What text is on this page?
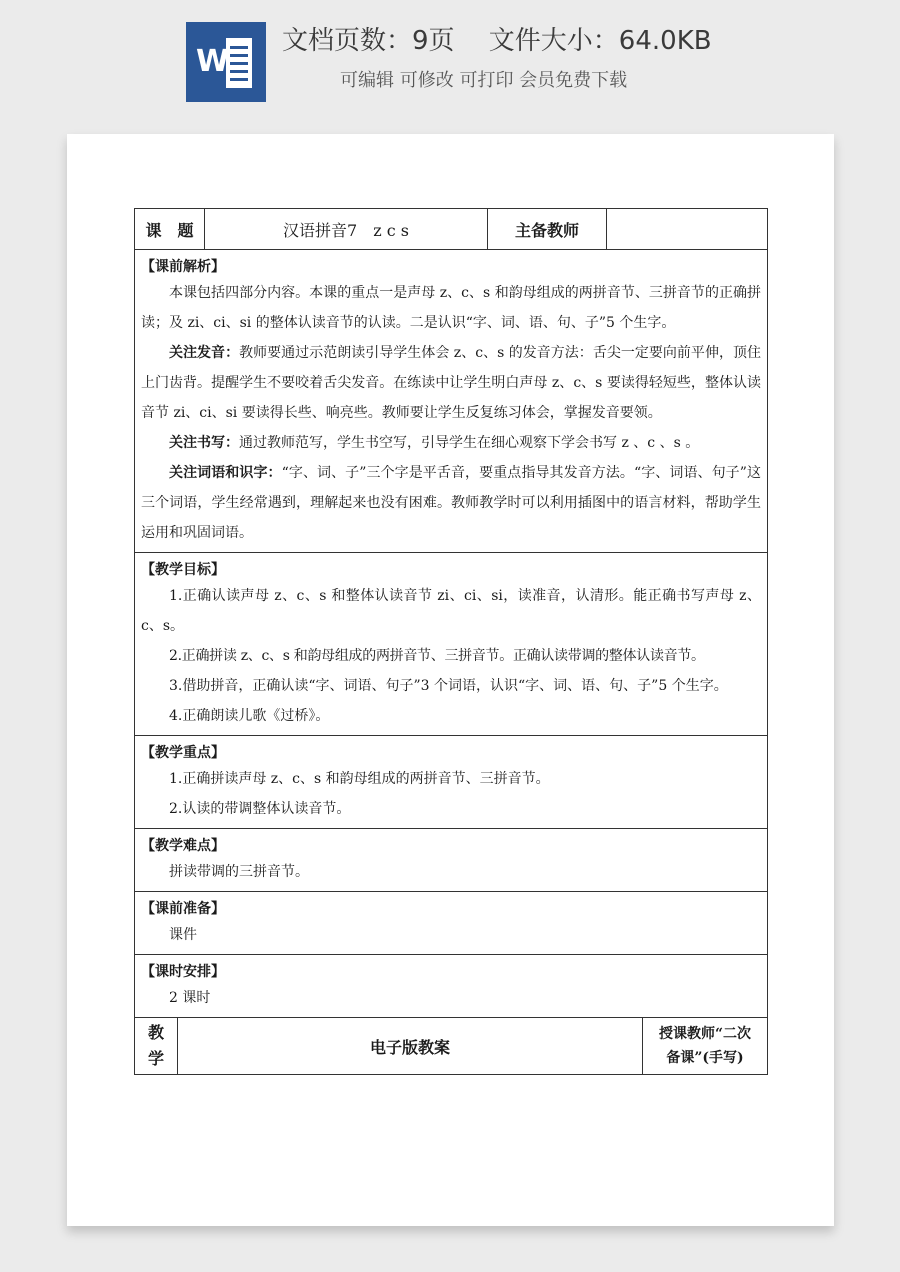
W
文档页数：9页　 文件大小：64.0KB
可编辑 可修改 可打印 会员免费下载
课　题	汉语拼音7　z c s	主备教师
【课前解析】

本课包括四部分内容。本课的重点一是声母 z、c、s 和韵母组成的两拼音节、三拼音节的正确拼读；及 zi、ci、si 的整体认读音节的认读。二是认识“字、词、语、句、子”5 个生字。

关注发音：教师要通过示范朗读引导学生体会 z、c、s 的发音方法：舌尖一定要向前平伸，顶住上门齿背。提醒学生不要咬着舌尖发音。在练读中让学生明白声母 z、c、s 要读得轻短些，整体认读音节 zi、ci、si 要读得长些、响亮些。教师要让学生反复练习体会，掌握发音要领。

关注书写：通过教师范写，学生书空写，引导学生在细心观察下学会书写 z 、c 、s 。

关注词语和识字：“字、词、子”三个字是平舌音，要重点指导其发音方法。“字、词语、句子”这三个词语，学生经常遇到，理解起来也没有困难。教师教学时可以利用插图中的语言材料，帮助学生运用和巩固词语。

【教学目标】

1.正确认读声母 z、c、s 和整体认读音节 zi、ci、si，读准音，认清形。能正确书写声母 z、c、s。

2.正确拼读 z、c、s 和韵母组成的两拼音节、三拼音节。正确认读带调的整体认读音节。

3.借助拼音，正确认读“字、词语、句子”3 个词语，认识“字、词、语、句、子”5 个生字。

4.正确朗读儿歌《过桥》。

【教学重点】

1.正确拼读声母 z、c、s 和韵母组成的两拼音节、三拼音节。

2.认读的带调整体认读音节。

【教学难点】

拼读带调的三拼音节。

【课前准备】

课件

【课时安排】

2 课时

教
学
电子版教案
授课教师“二次
备课”(手写)
